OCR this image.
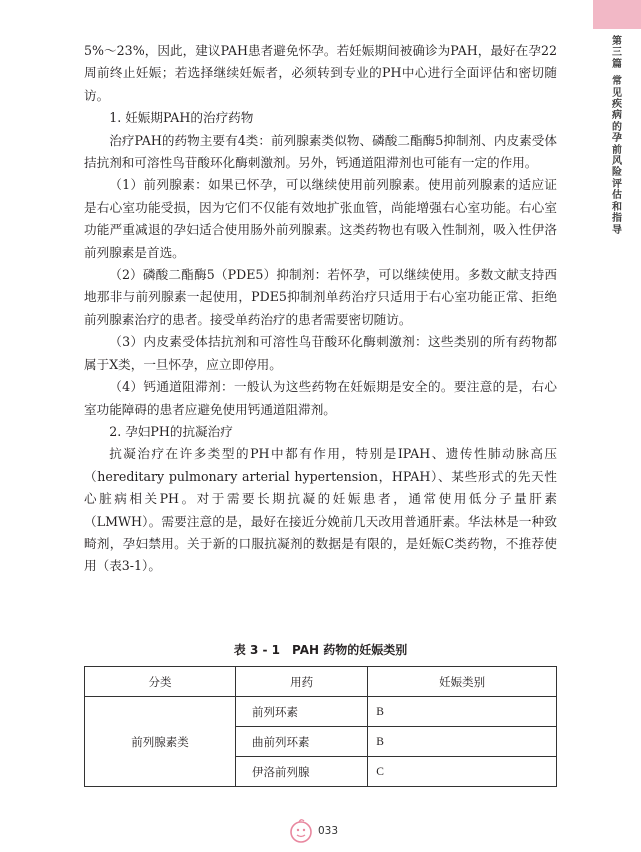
第
三
篇
常
见
疾
病
的
孕
前
风
险
评
估
和
指
导

5%～23%，因此，建议PAH患者避免怀孕。若妊娠期间被确诊为PAH，最好在孕22周前终止妊娠；若选择继续妊娠者，必须转到专业的PH中心进行全面评估和密切随访。

1. 妊娠期PAH的治疗药物

治疗PAH的药物主要有4类：前列腺素类似物、磷酸二酯酶5抑制剂、内皮素受体拮抗剂和可溶性鸟苷酸环化酶刺激剂。另外，钙通道阻滞剂也可能有一定的作用。

（1）前列腺素：如果已怀孕，可以继续使用前列腺素。使用前列腺素的适应证是右心室功能受损，因为它们不仅能有效地扩张血管，尚能增强右心室功能。右心室功能严重减退的孕妇适合使用肠外前列腺素。这类药物也有吸入性制剂，吸入性伊洛前列腺素是首选。

（2）磷酸二酯酶5（PDE5）抑制剂：若怀孕，可以继续使用。多数文献支持西地那非与前列腺素一起使用，PDE5抑制剂单药治疗只适用于右心室功能正常、拒绝前列腺素治疗的患者。接受单药治疗的患者需要密切随访。

（3）内皮素受体拮抗剂和可溶性鸟苷酸环化酶刺激剂：这些类别的所有药物都属于X类，一旦怀孕，应立即停用。

（4）钙通道阻滞剂：一般认为这些药物在妊娠期是安全的。要注意的是，右心室功能障碍的患者应避免使用钙通道阻滞剂。

2. 孕妇PH的抗凝治疗

抗凝治疗在许多类型的PH中都有作用，特别是IPAH、遗传性肺动脉高压（hereditary pulmonary arterial hypertension，HPAH）、某些形式的先天性心脏病相关PH。对于需要长期抗凝的妊娠患者，通常使用低分子量肝素（LMWH）。需要注意的是，最好在接近分娩前几天改用普通肝素。华法林是一种致畸剂，孕妇禁用。关于新的口服抗凝剂的数据是有限的，是妊娠C类药物，不推荐使用（表3-1）。

表 3 - 1　PAH 药物的妊娠类别
分类	用药	妊娠类别
前列腺素类	前列环素	B
	曲前列环素	B
	伊洛前列腺	C
033
